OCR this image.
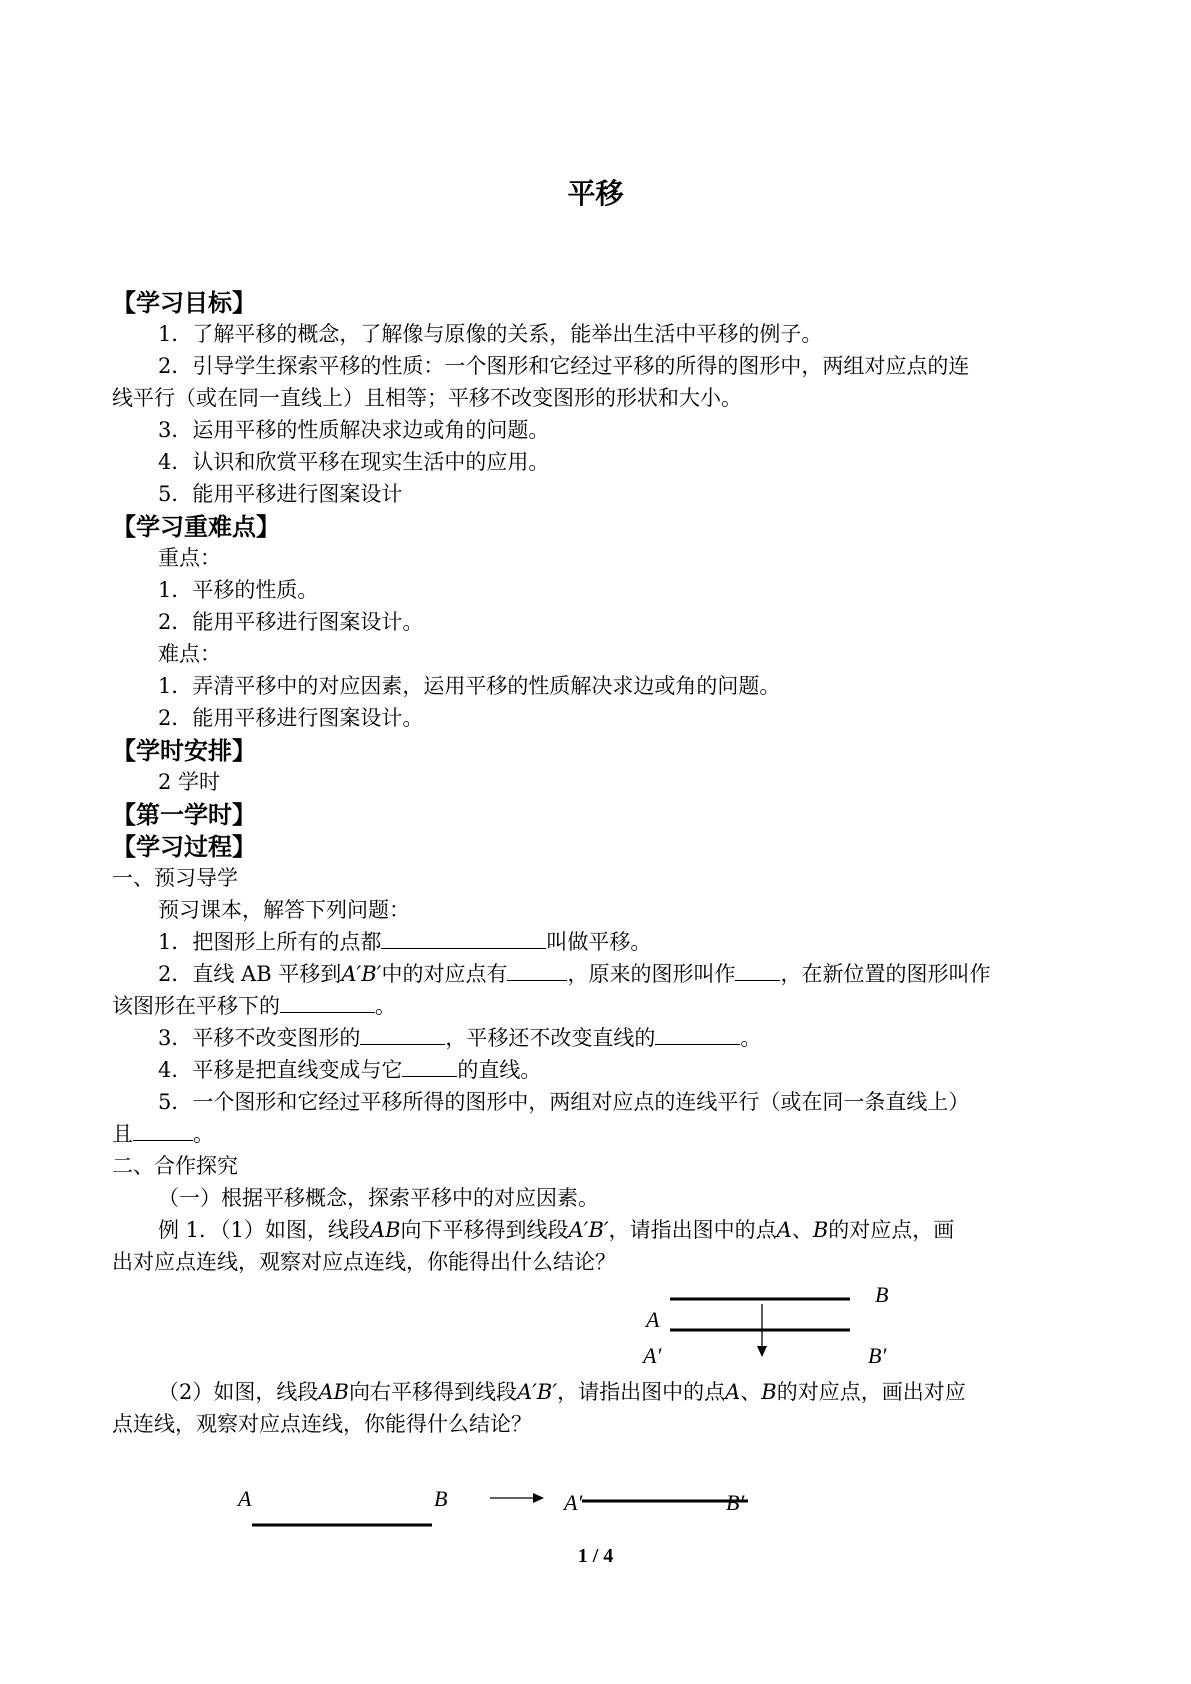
平移
【学习目标】
1．了解平移的概念，了解像与原像的关系，能举出生活中平移的例子。
2．引导学生探索平移的性质：一个图形和它经过平移的所得的图形中，两组对应点的连
线平行（或在同一直线上）且相等；平移不改变图形的形状和大小。
3．运用平移的性质解决求边或角的问题。
4．认识和欣赏平移在现实生活中的应用。
5．能用平移进行图案设计
【学习重难点】
重点：
1．平移的性质。
2．能用平移进行图案设计。
难点：
1．弄清平移中的对应因素，运用平移的性质解决求边或角的问题。
2．能用平移进行图案设计。
【学时安排】
2 学时
【第一学时】
【学习过程】
一、预习导学
预习课本，解答下列问题：
1．把图形上所有的点都	叫做平移。
2．直线 AB 平移到A′B′中的对应点有	，原来的图形叫作 ，在新位置的图形叫作
该图形在平移下的	。
3．平移不改变图形的	，平移还不改变直线的	。
4．平移是把直线变成与它	的直线。
5．一个图形和它经过平移所得的图形中，两组对应点的连线平行（或在同一条直线上）
且	。
二、合作探究
（一）根据平移概念，探索平移中的对应因素。
例 1．（1）如图，线段AB向下平移得到线段A′B′，请指出图中的点A、B的对应点，画
出对应点连线，观察对应点连线，你能得出什么结论？
B
A
A′	B′
（2）如图，线段AB向右平移得到线段A′B′，请指出图中的点A、B的对应点，画出对应
点连线，观察对应点连线，你能得什么结论？
A	B	A′	B′
1 / 4
